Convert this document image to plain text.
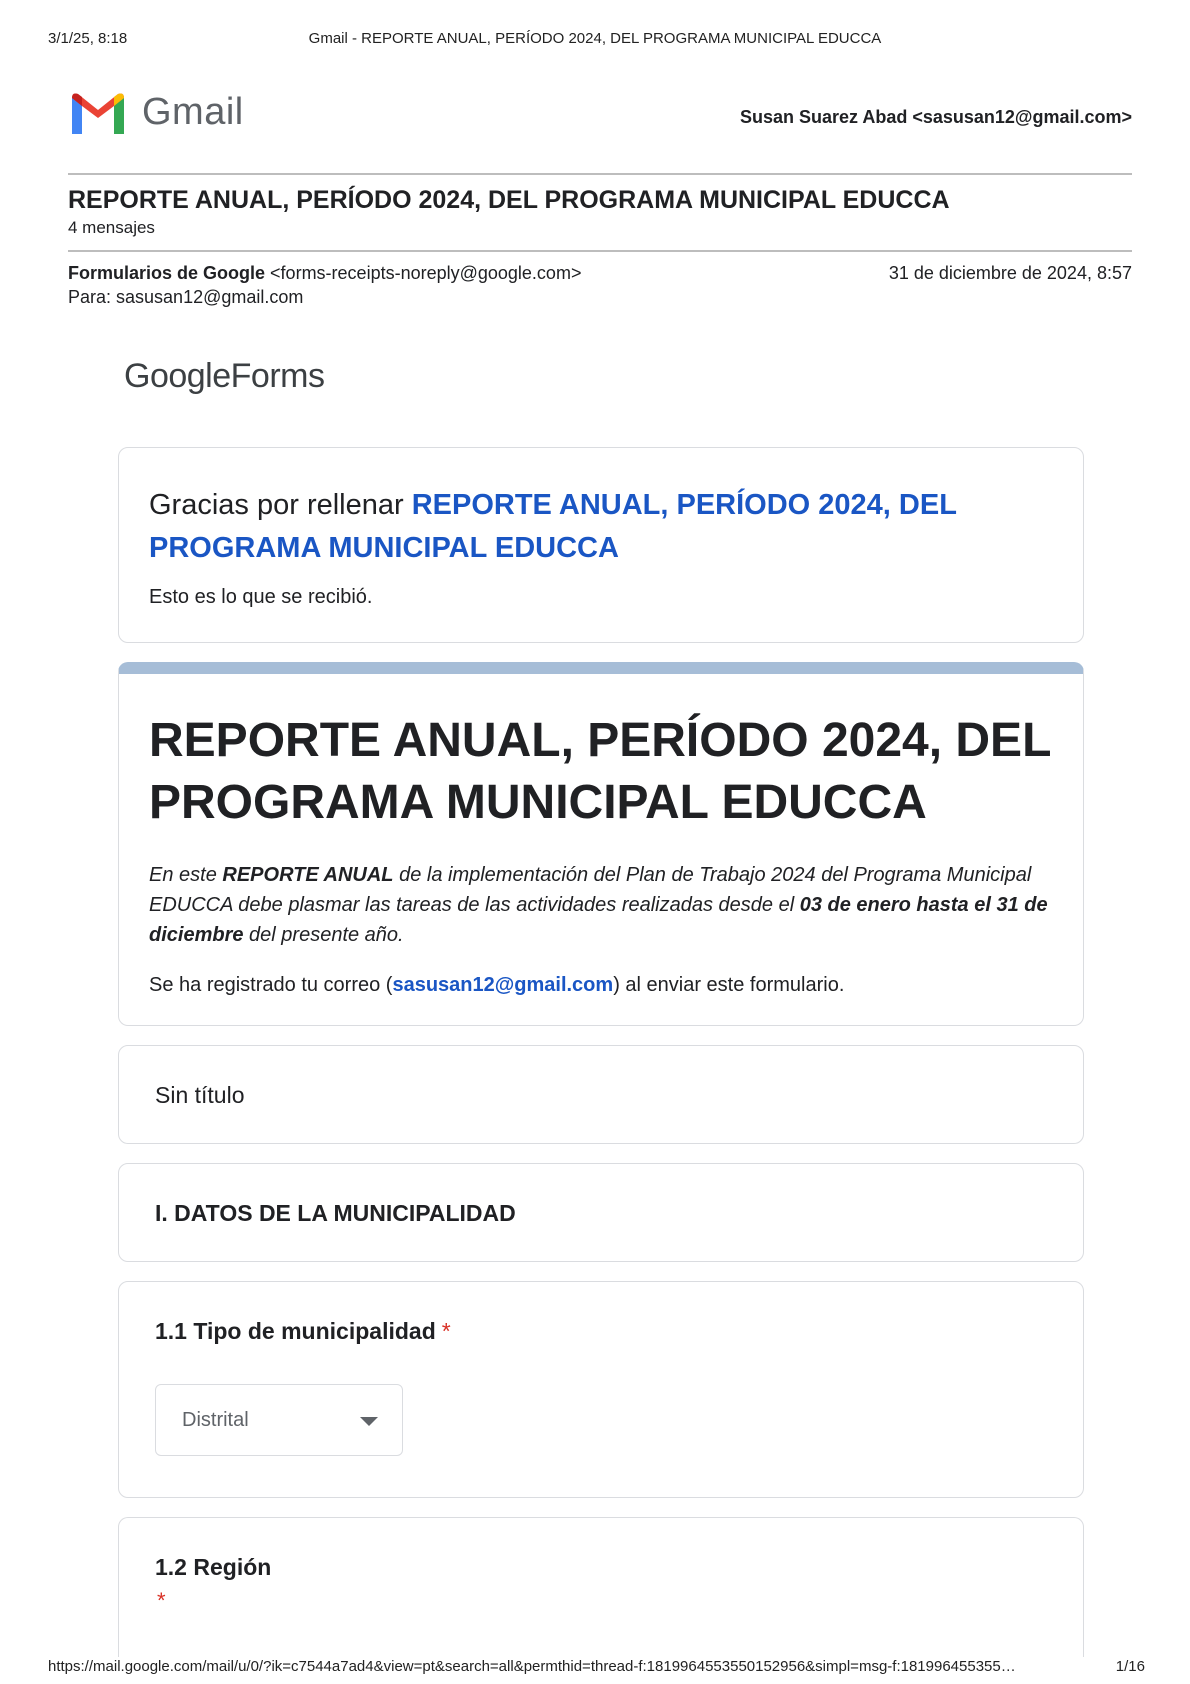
3/1/25, 8:18	Gmail - REPORTE ANUAL, PERÍODO 2024, DEL PROGRAMA MUNICIPAL EDUCCA
Gmail	Susan Suarez Abad <sasusan12@gmail.com>
REPORTE ANUAL, PERÍODO 2024, DEL PROGRAMA MUNICIPAL EDUCCA
4 mensajes
Formularios de Google <forms-receipts-noreply@google.com>
Para: sasusan12@gmail.com
31 de diciembre de 2024, 8:57
GoogleForms
Gracias por rellenar REPORTE ANUAL, PERÍODO 2024, DEL PROGRAMA MUNICIPAL EDUCCA
Esto es lo que se recibió.
REPORTE ANUAL, PERÍODO 2024, DEL PROGRAMA MUNICIPAL EDUCCA
En este REPORTE ANUAL de la implementación del Plan de Trabajo 2024 del Programa Municipal EDUCCA debe plasmar las tareas de las actividades realizadas desde el 03 de enero hasta el 31 de diciembre del presente año.
Se ha registrado tu correo (sasusan12@gmail.com) al enviar este formulario.
Sin título
I. DATOS DE LA MUNICIPALIDAD
1.1 Tipo de municipalidad *
Distrital
1.2 Región
*
https://mail.google.com/mail/u/0/?ik=c7544a7ad4&view=pt&search=all&permthid=thread-f:1819964553550152956&simpl=msg-f:181996455355…	1/16
